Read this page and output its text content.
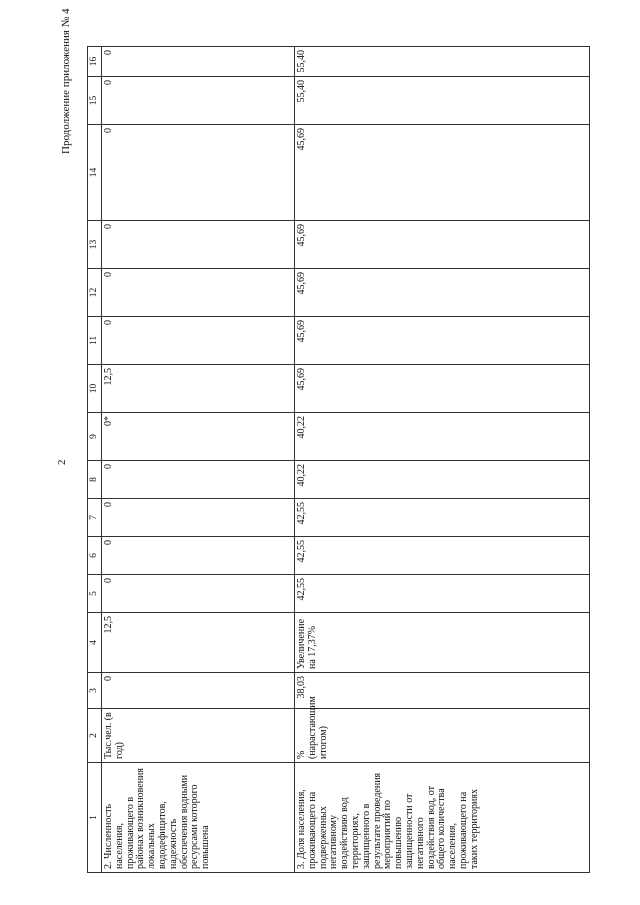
2
Продолжение приложения № 4
1	2	3	4	5	6	7	8	9	10	11	12	13	14	15	16
2. Численность населения, проживающего в районах возникновения локальных вододефицитов, надежность обеспечения водными ресурсами которого повышена	Тыс.чел. (в год)	0	12,5	0	0	0	0	0*	12,5	0	0	0	0	0	0
3. Доля населения, проживающего на подверженных негативному воздействию вод территориях, защищенного в результате проведения мероприятий по повышению защищенности от негативного воздействия вод, от общего количества населения, проживающего на таких территориях	% (нарастающим итогом)	38,03	Увеличение на 17,37%	42,55	42,55	42,55	40,22	40,22	45,69	45,69	45,69	45,69	45,69	55,40	55,40
